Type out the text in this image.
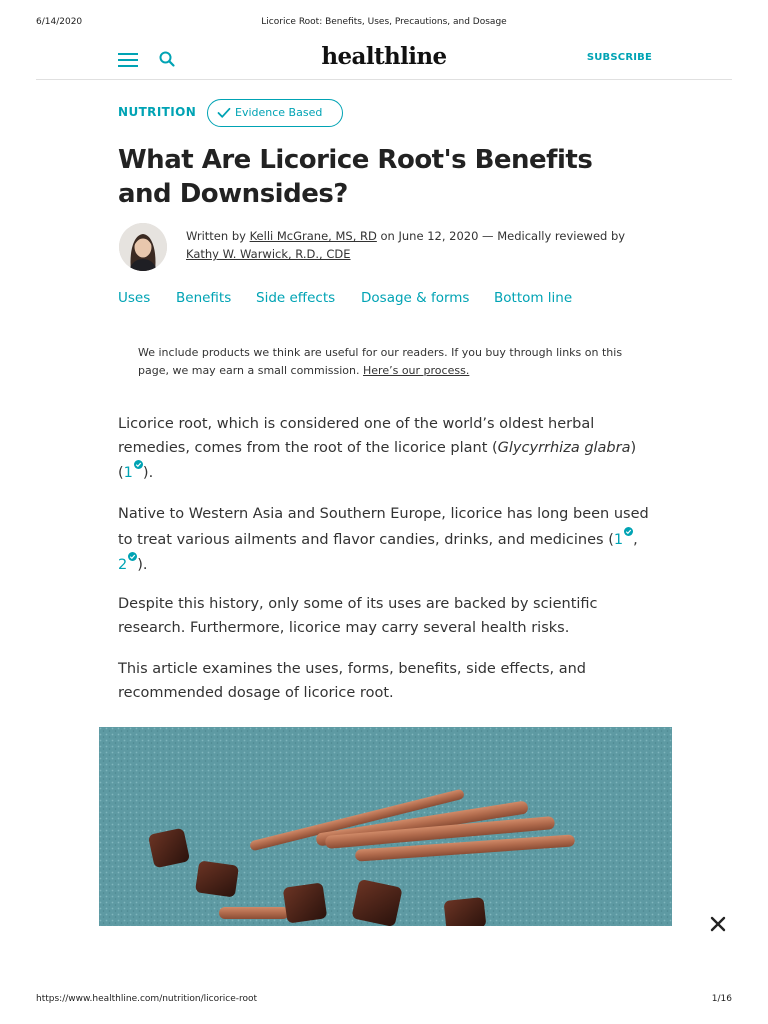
6/14/2020	Licorice Root: Benefits, Uses, Precautions, and Dosage
healthline	SUBSCRIBE
NUTRITION	Evidence Based
What Are Licorice Root's Benefits and Downsides?
Written by Kelli McGrane, MS, RD on June 12, 2020 — Medically reviewed by Kathy W. Warwick, R.D., CDE
Uses Benefits Side effects Dosage & forms Bottom line

We include products we think are useful for our readers. If you buy through links on this page, we may earn a small commission. Here’s our process.

Licorice root, which is considered one of the world’s oldest herbal remedies, comes from the root of the licorice plant (Glycyrrhiza glabra)
(1 ).

Native to Western Asia and Southern Europe, licorice has long been used to treat various ailments and flavor candies, drinks, and medicines (1 ,
2 ).

Despite this history, only some of its uses are backed by scientific research. Furthermore, licorice may carry several health risks.

This article examines the uses, forms, benefits, side effects, and recommended dosage of licorice root.

https://www.healthline.com/nutrition/licorice-root	1/16
